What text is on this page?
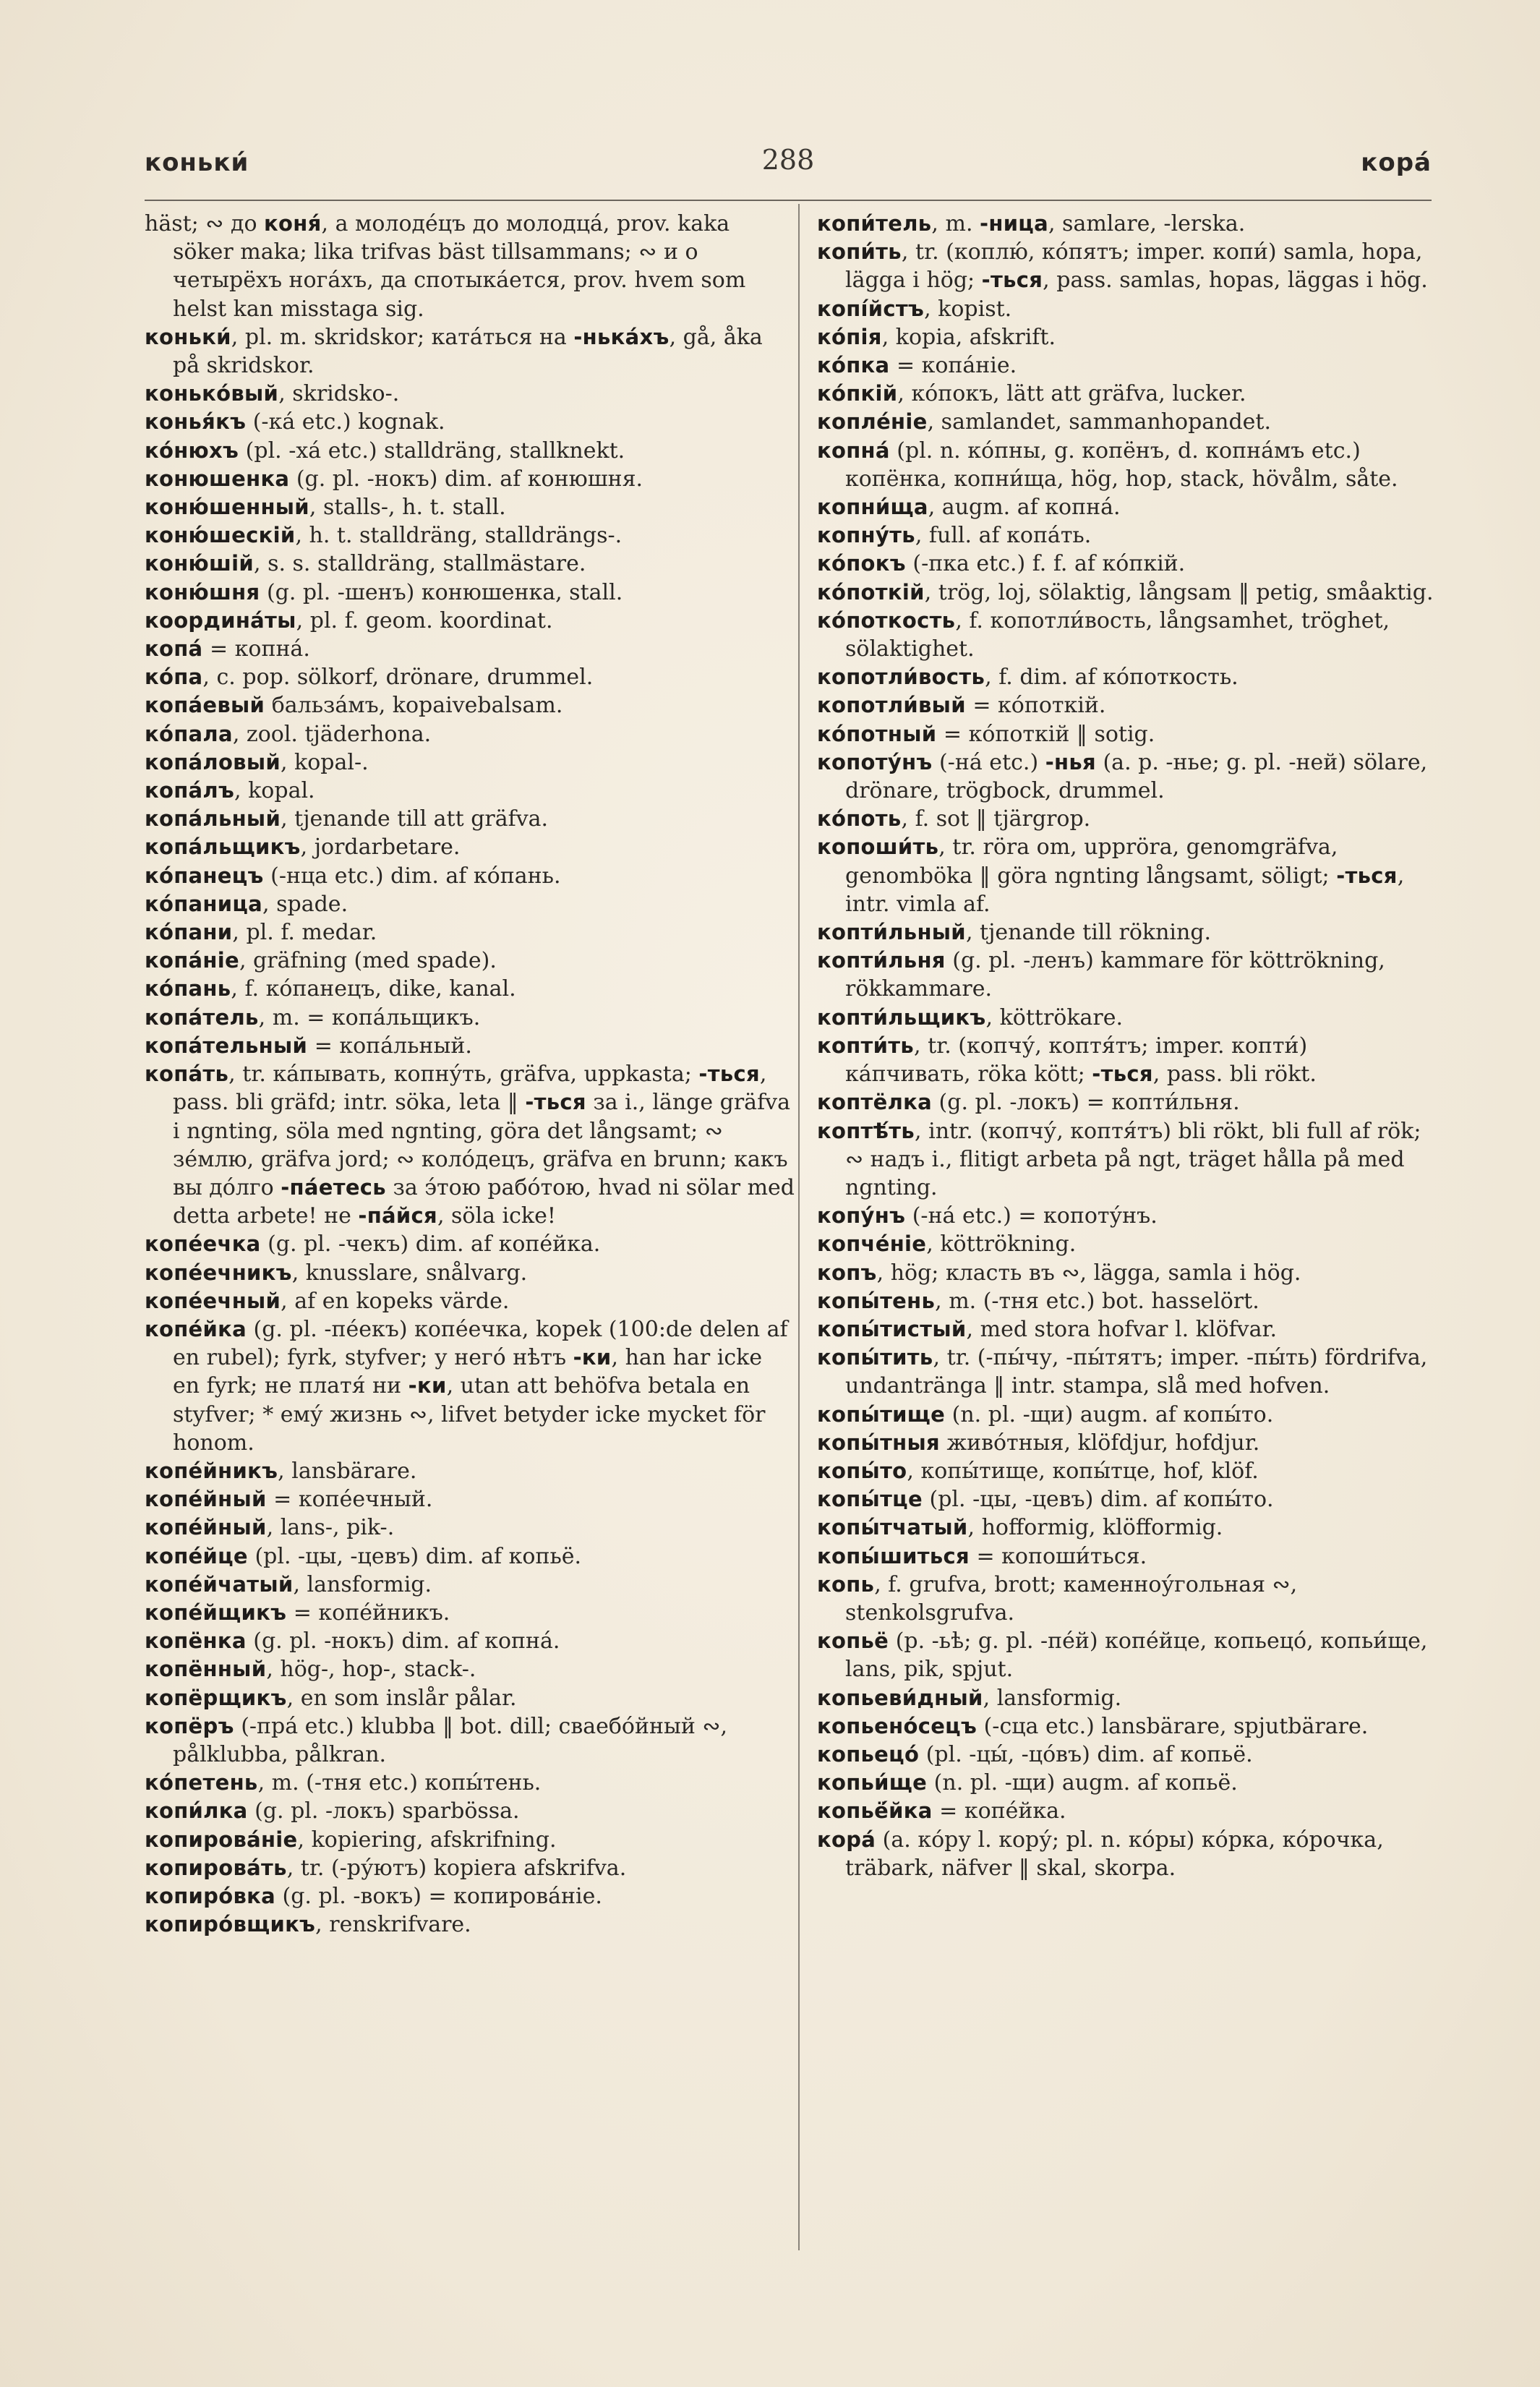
коньки́	288	кора́

häst; ∾ до коня́, а молоде́цъ до молодца́, prov. kaka söker maka; lika trifvas bäst tillsammans; ∾ и о четырёхъ нога́хъ, да спотыка́ется, prov. hvem som helst kan misstaga sig.

коньки́, pl. m. skridskor; ката́ться на -нька́хъ, gå, åka på skridskor.

конько́вый, skridsko-.

конья́къ (-ка́ etc.) kognak.

ко́нюхъ (pl. -ха́ etc.) stalldräng, stallknekt.

конюшенка (g. pl. -нокъ) dim. af конюшня.

коню́шенный, stalls-, h. t. stall.

коню́шескій, h. t. stalldräng, stalldrängs-.

коню́шій, s. s. stalldräng, stallmästare.

коню́шня (g. pl. -шенъ) конюшенка, stall.

координа́ты, pl. f. geom. koordinat.

копа́ = копна́.

ко́па, c. pop. sölkorf, drönare, drummel.

копа́евый бальза́мъ, kopaivebalsam.

ко́пала, zool. tjäderhona.

копа́ловый, kopal-.

копа́лъ, kopal.

копа́льный, tjenande till att gräfva.

копа́льщикъ, jordarbetare.

ко́панецъ (-нца etc.) dim. af ко́пань.

ко́паница, spade.

ко́пани, pl. f. medar.

копа́ніе, gräfning (med spade).

ко́пань, f. ко́панецъ, dike, kanal.

копа́тель, m. = копа́льщикъ.

копа́тельный = копа́льный.

копа́ть, tr. ка́пывать, копну́ть, gräfva, uppkasta; -ться, pass. bli gräfd; intr. söka, leta ‖ -ться за i., länge gräfva i ngnting, söla med ngnting, göra det långsamt; ∾ зе́млю, gräfva jord; ∾ коло́децъ, gräfva en brunn; какъ вы до́лго -па́етесь за э́тою рабо́тою, hvad ni sölar med detta arbete! не -па́йся, söla icke!

копе́ечка (g. pl. -чекъ) dim. af копе́йка.

копе́ечникъ, knusslare, snålvarg.

копе́ечный, af en kopeks värde.

копе́йка (g. pl. -пе́екъ) копе́ечка, kopek (100:de delen af en rubel); fyrk, styfver; у него́ нѣтъ -ки, han har icke en fyrk; не платя́ ни -ки, utan att behöfva betala en styfver; * ему́ жизнь ∾, lifvet betyder icke mycket för honom.

копе́йникъ, lansbärare.

копе́йный = копе́ечный.

копе́йный, lans-, pik-.

копе́йце (pl. -цы, -цевъ) dim. af копьё.

копе́йчатый, lansformig.

копе́йщикъ = копе́йникъ.

копёнка (g. pl. -нокъ) dim. af копна́.

копённый, hög-, hop-, stack-.

копёрщикъ, en som inslår pålar.

копёръ (-пра́ etc.) klubba ‖ bot. dill; сваебо́йный ∾, pålklubba, pålkran.

ко́петень, m. (-тня etc.) копы́тень.

копи́лка (g. pl. -локъ) sparbössa.

копирова́ніе, kopiering, afskrifning.

копирова́ть, tr. (-ру́ютъ) kopiera afskrifva.

копиро́вка (g. pl. -вокъ) = копирова́ніе.

копиро́вщикъ, renskrifvare.

копи́тель, m. -ница, samlare, -lerska.

копи́ть, tr. (коплю́, ко́пятъ; imper. копи́) samla, hopa, lägga i hög; -ться, pass. samlas, hopas, läggas i hög.

копі́йстъ, kopist.

ко́пія, kopia, afskrift.

ко́пка = копа́ніе.

ко́пкій, ко́покъ, lätt att gräfva, lucker.

копле́ніе, samlandet, sammanhopandet.

копна́ (pl. n. ко́пны, g. копёнъ, d. копна́мъ etc.) копёнка, копни́ща, hög, hop, stack, hövålm, såte.

копни́ща, augm. af копна́.

копну́ть, full. af копа́ть.

ко́покъ (-пка etc.) f. f. af ко́пкій.

ко́поткій, trög, loj, sölaktig, långsam ‖ petig, småaktig.

ко́поткость, f. копотли́вость, långsamhet, tröghet, sölaktighet.

копотли́вость, f. dim. af ко́поткость.

копотли́вый = ко́поткій.

ко́потный = ко́поткій ‖ sotig.

копоту́нъ (-на́ etc.) -нья (a. p. -нье; g. pl. -ней) sölare, drönare, trögbock, drummel.

ко́поть, f. sot ‖ tjärgrop.

копоши́ть, tr. röra om, uppröra, genomgräfva, genomböka ‖ göra ngnting långsamt, söligt; -ться, intr. vimla af.

копти́льный, tjenande till rökning.

копти́льня (g. pl. -ленъ) kammare för köttrökning, rökkammare.

копти́льщикъ, köttrökare.

копти́ть, tr. (копчу́, коптя́тъ; imper. копти́) ка́пчивать, röka kött; -ться, pass. bli rökt.

коптёлка (g. pl. -локъ) = копти́льня.

коптѣ́ть, intr. (копчу́, коптя́тъ) bli rökt, bli full af rök; ∾ надъ i., flitigt arbeta på ngt, träget hålla på med ngnting.

копу́нъ (-на́ etc.) = копоту́нъ.

копче́ніе, köttrökning.

копъ, hög; класть въ ∾, lägga, samla i hög.

копы́тень, m. (-тня etc.) bot. hasselört.

копы́тистый, med stora hofvar l. klöfvar.

копы́тить, tr. (-пы́чу, -пы́тятъ; imper. -пы́ть) fördrifva, undantränga ‖ intr. stampa, slå med hofven.

копы́тище (n. pl. -щи) augm. af копы́то.

копы́тныя живо́тныя, klöfdjur, hofdjur.

копы́то, копы́тище, копы́тце, hof, klöf.

копы́тце (pl. -цы, -цевъ) dim. af копы́то.

копы́тчатый, hofformig, klöfformig.

копы́шиться = копоши́ться.

копь, f. grufva, brott; каменноу́гольная ∾, stenkolsgrufva.

копьё (p. -ьѣ; g. pl. -пе́й) копе́йце, копьецо́, копьи́ще, lans, pik, spjut.

копьеви́дный, lansformig.

копьено́сецъ (-сца etc.) lansbärare, spjutbärare.

копьецо́ (pl. -цы́, -цо́въ) dim. af копьё.

копьи́ще (n. pl. -щи) augm. af копьё.

копьё́йка = копе́йка.

кора́ (a. ко́ру l. кору́; pl. n. ко́ры) ко́рка, ко́рочка, träbark, näfver ‖ skal, skorpa.
